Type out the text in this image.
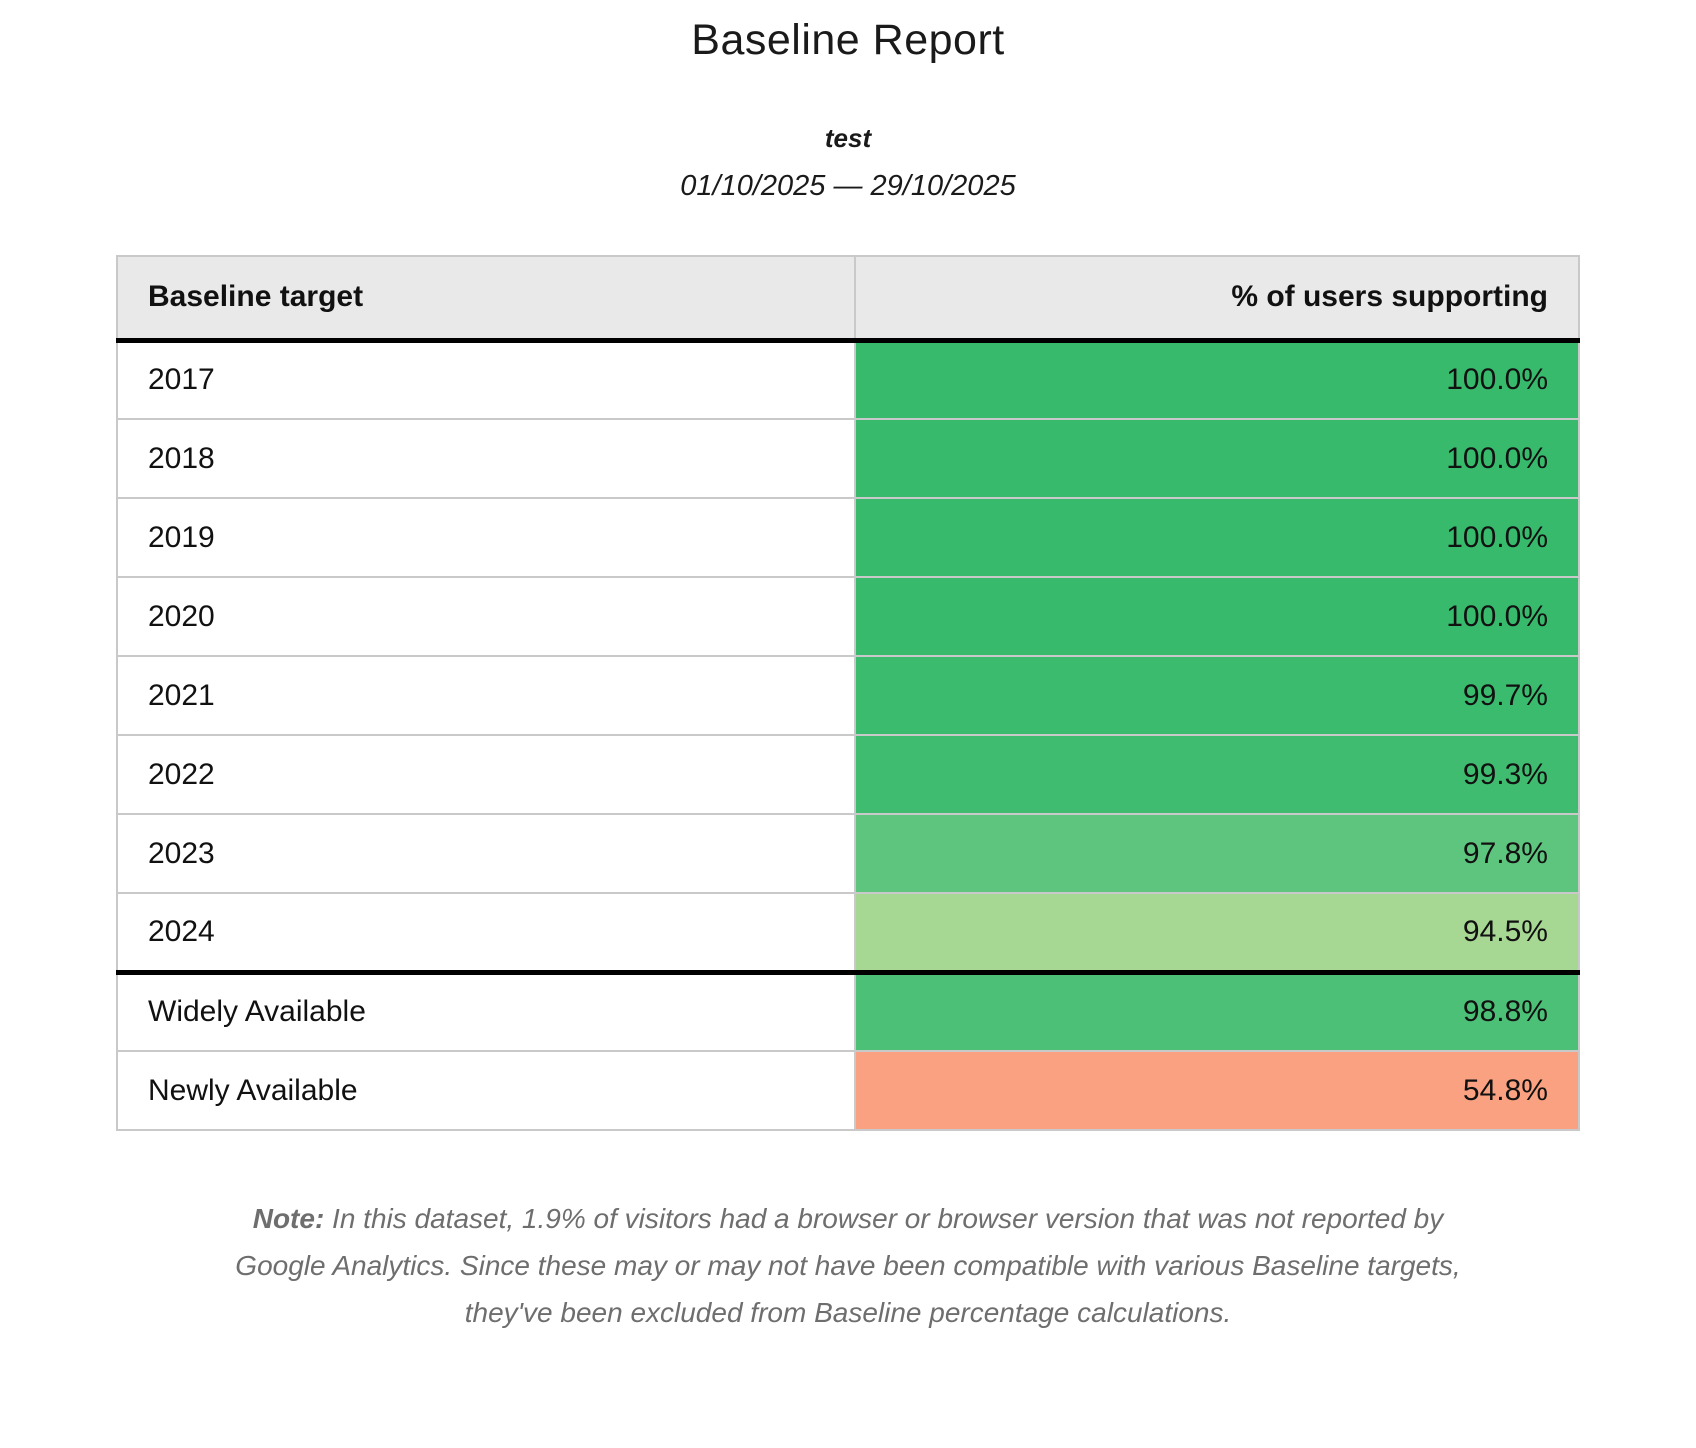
Baseline Report

test

01/10/2025 — 29/10/2025

Baseline target	% of users supporting
2017	100.0%
2018	100.0%
2019	100.0%
2020	100.0%
2021	99.7%
2022	99.3%
2023	97.8%
2024	94.5%
Widely Available	98.8%
Newly Available	54.8%

Note: In this dataset, 1.9% of visitors had a browser or browser version that was not reported by Google Analytics. Since these may or may not have been compatible with various Baseline targets, they've been excluded from Baseline percentage calculations.
